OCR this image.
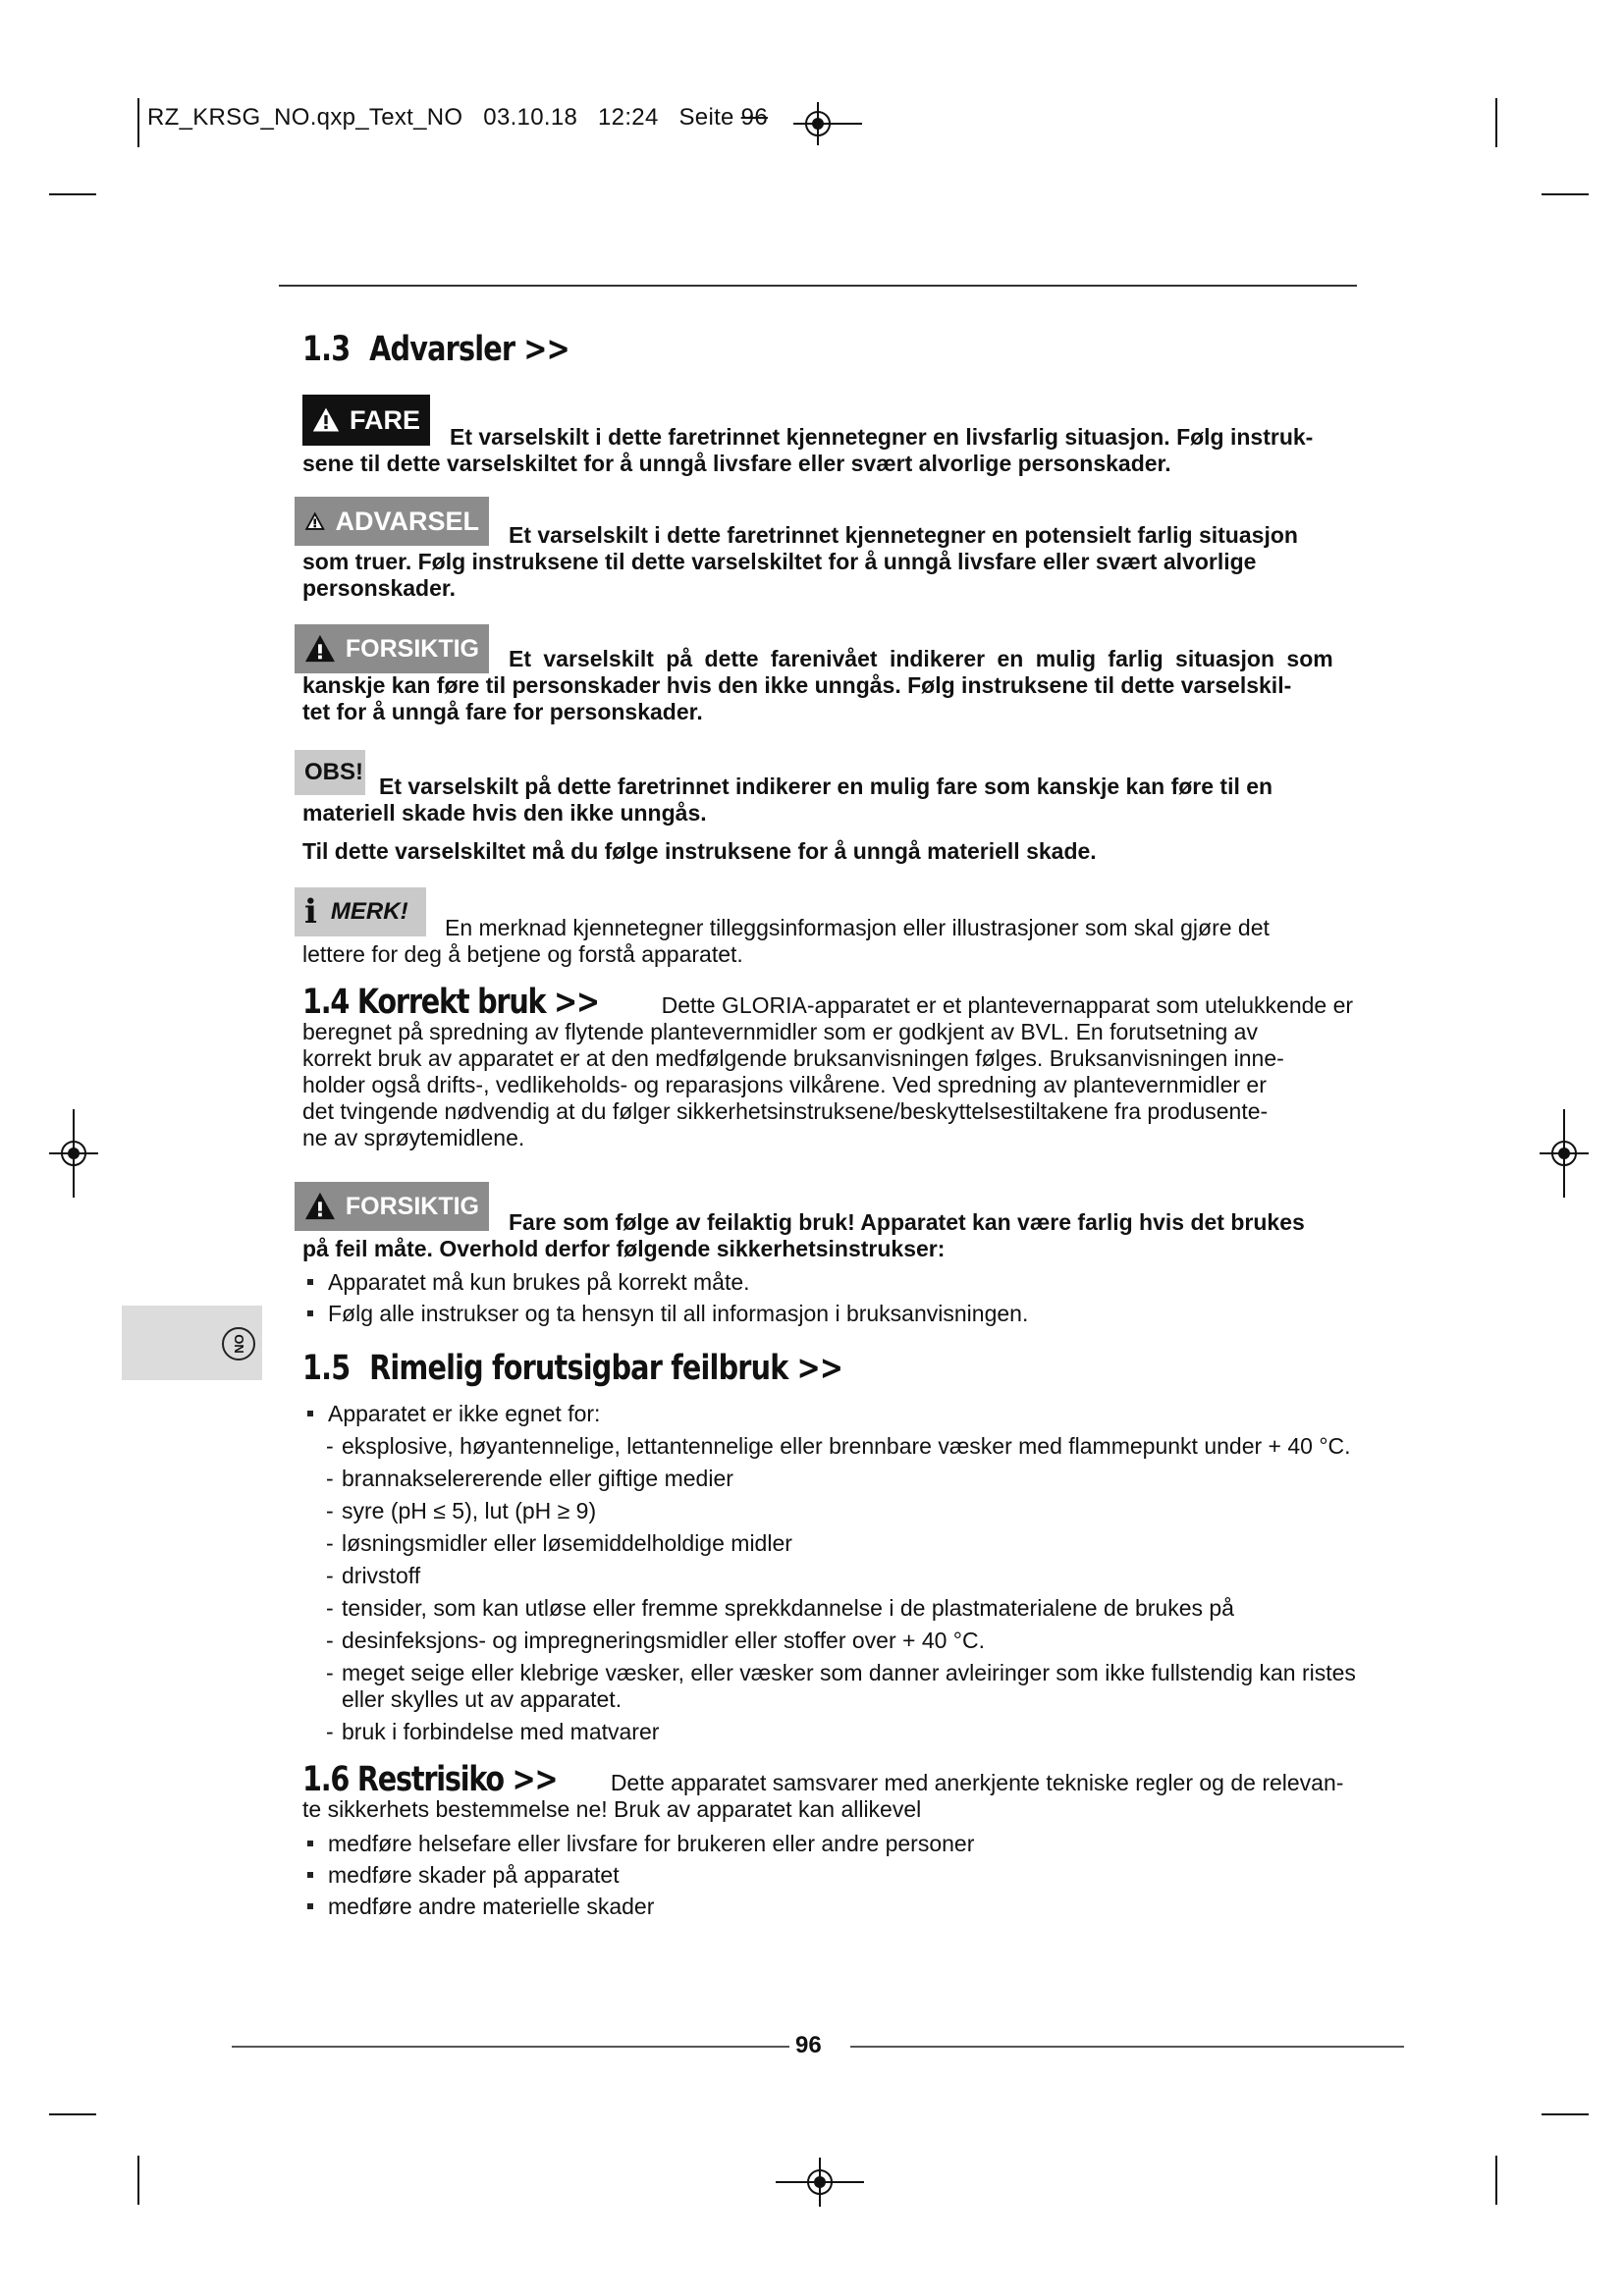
RZ_KRSG_NO.qxp_Text_NO 03.10.18 12:24 Seite 96
1.3 Advarsler >>
FARE
Et varselskilt i dette faretrinnet kjennetegner en livsfarlig situasjon. Følg instruk-
sene til dette varselskiltet for å unngå livsfare eller svært alvorlige personskader.
ADVARSEL	Et varselskilt i dette faretrinnet kjennetegner en potensielt farlig situasjon
som truer. Følg instruksene til dette varselskiltet for å unngå livsfare eller svært alvorlige
personskader.
FORSIKTIG	Et varselskilt på dette farenivået indikerer en mulig farlig situasjon som
kanskje kan føre til personskader hvis den ikke unngås. Følg instruksene til dette varselskil-
tet for å unngå fare for personskader.
OBS!
Et varselskilt på dette faretrinnet indikerer en mulig fare som kanskje kan føre til en
materiell skade hvis den ikke unngås.
Til dette varselskiltet må du følge instruksene for å unngå materiell skade.
i MERK!
En merknad kjennetegner tilleggsinformasjon eller illustrasjoner som skal gjøre det
lettere for deg å betjene og forstå apparatet.
1.4 Korrekt bruk >>	Dette GLORIA-apparatet er et plantevernapparat som utelukkende er
beregnet på spredning av flytende plantevernmidler som er godkjent av BVL. En forutsetning av
korrekt bruk av apparatet er at den medfølgende bruksanvisningen følges. Bruksanvisningen inne-
holder også drifts-, vedlikeholds- og reparasjons vilkårene. Ved spredning av plantevernmidler er
det tvingende nødvendig at du følger sikkerhetsinstruksene/beskyttelsestiltakene fra produsente-
ne av sprøytemidlene.
FORSIKTIG
Fare som følge av feilaktig bruk! Apparatet kan være farlig hvis det brukes
på feil måte. Overhold derfor følgende sikkerhetsinstrukser:
Apparatet må kun brukes på korrekt måte.
Følg alle instrukser og ta hensyn til all informasjon i bruksanvisningen.
NO
1.5 Rimelig forutsigbar feilbruk >>
Apparatet er ikke egnet for:
- eksplosive, høyantennelige, lettantennelige eller brennbare væsker med flammepunkt under + 40 °C.
- brannakselererende eller giftige medier
- syre (pH ≤ 5), lut (pH ≥ 9)
- løsningsmidler eller løsemiddelholdige midler
- drivstoff
- tensider, som kan utløse eller fremme sprekkdannelse i de plastmaterialene de brukes på
- desinfeksjons- og impregneringsmidler eller stoffer over + 40 °C.
- meget seige eller klebrige væsker, eller væsker som danner avleiringer som ikke fullstendig kan ristes eller skylles ut av apparatet.
- bruk i forbindelse med matvarer
1.6 Restrisiko >> Dette apparatet samsvarer med anerkjente tekniske regler og de relevan-
te sikkerhets bestemmelse ne! Bruk av apparatet kan allikevel
medføre helsefare eller livsfare for brukeren eller andre personer
medføre skader på apparatet
medføre andre materielle skader
96
